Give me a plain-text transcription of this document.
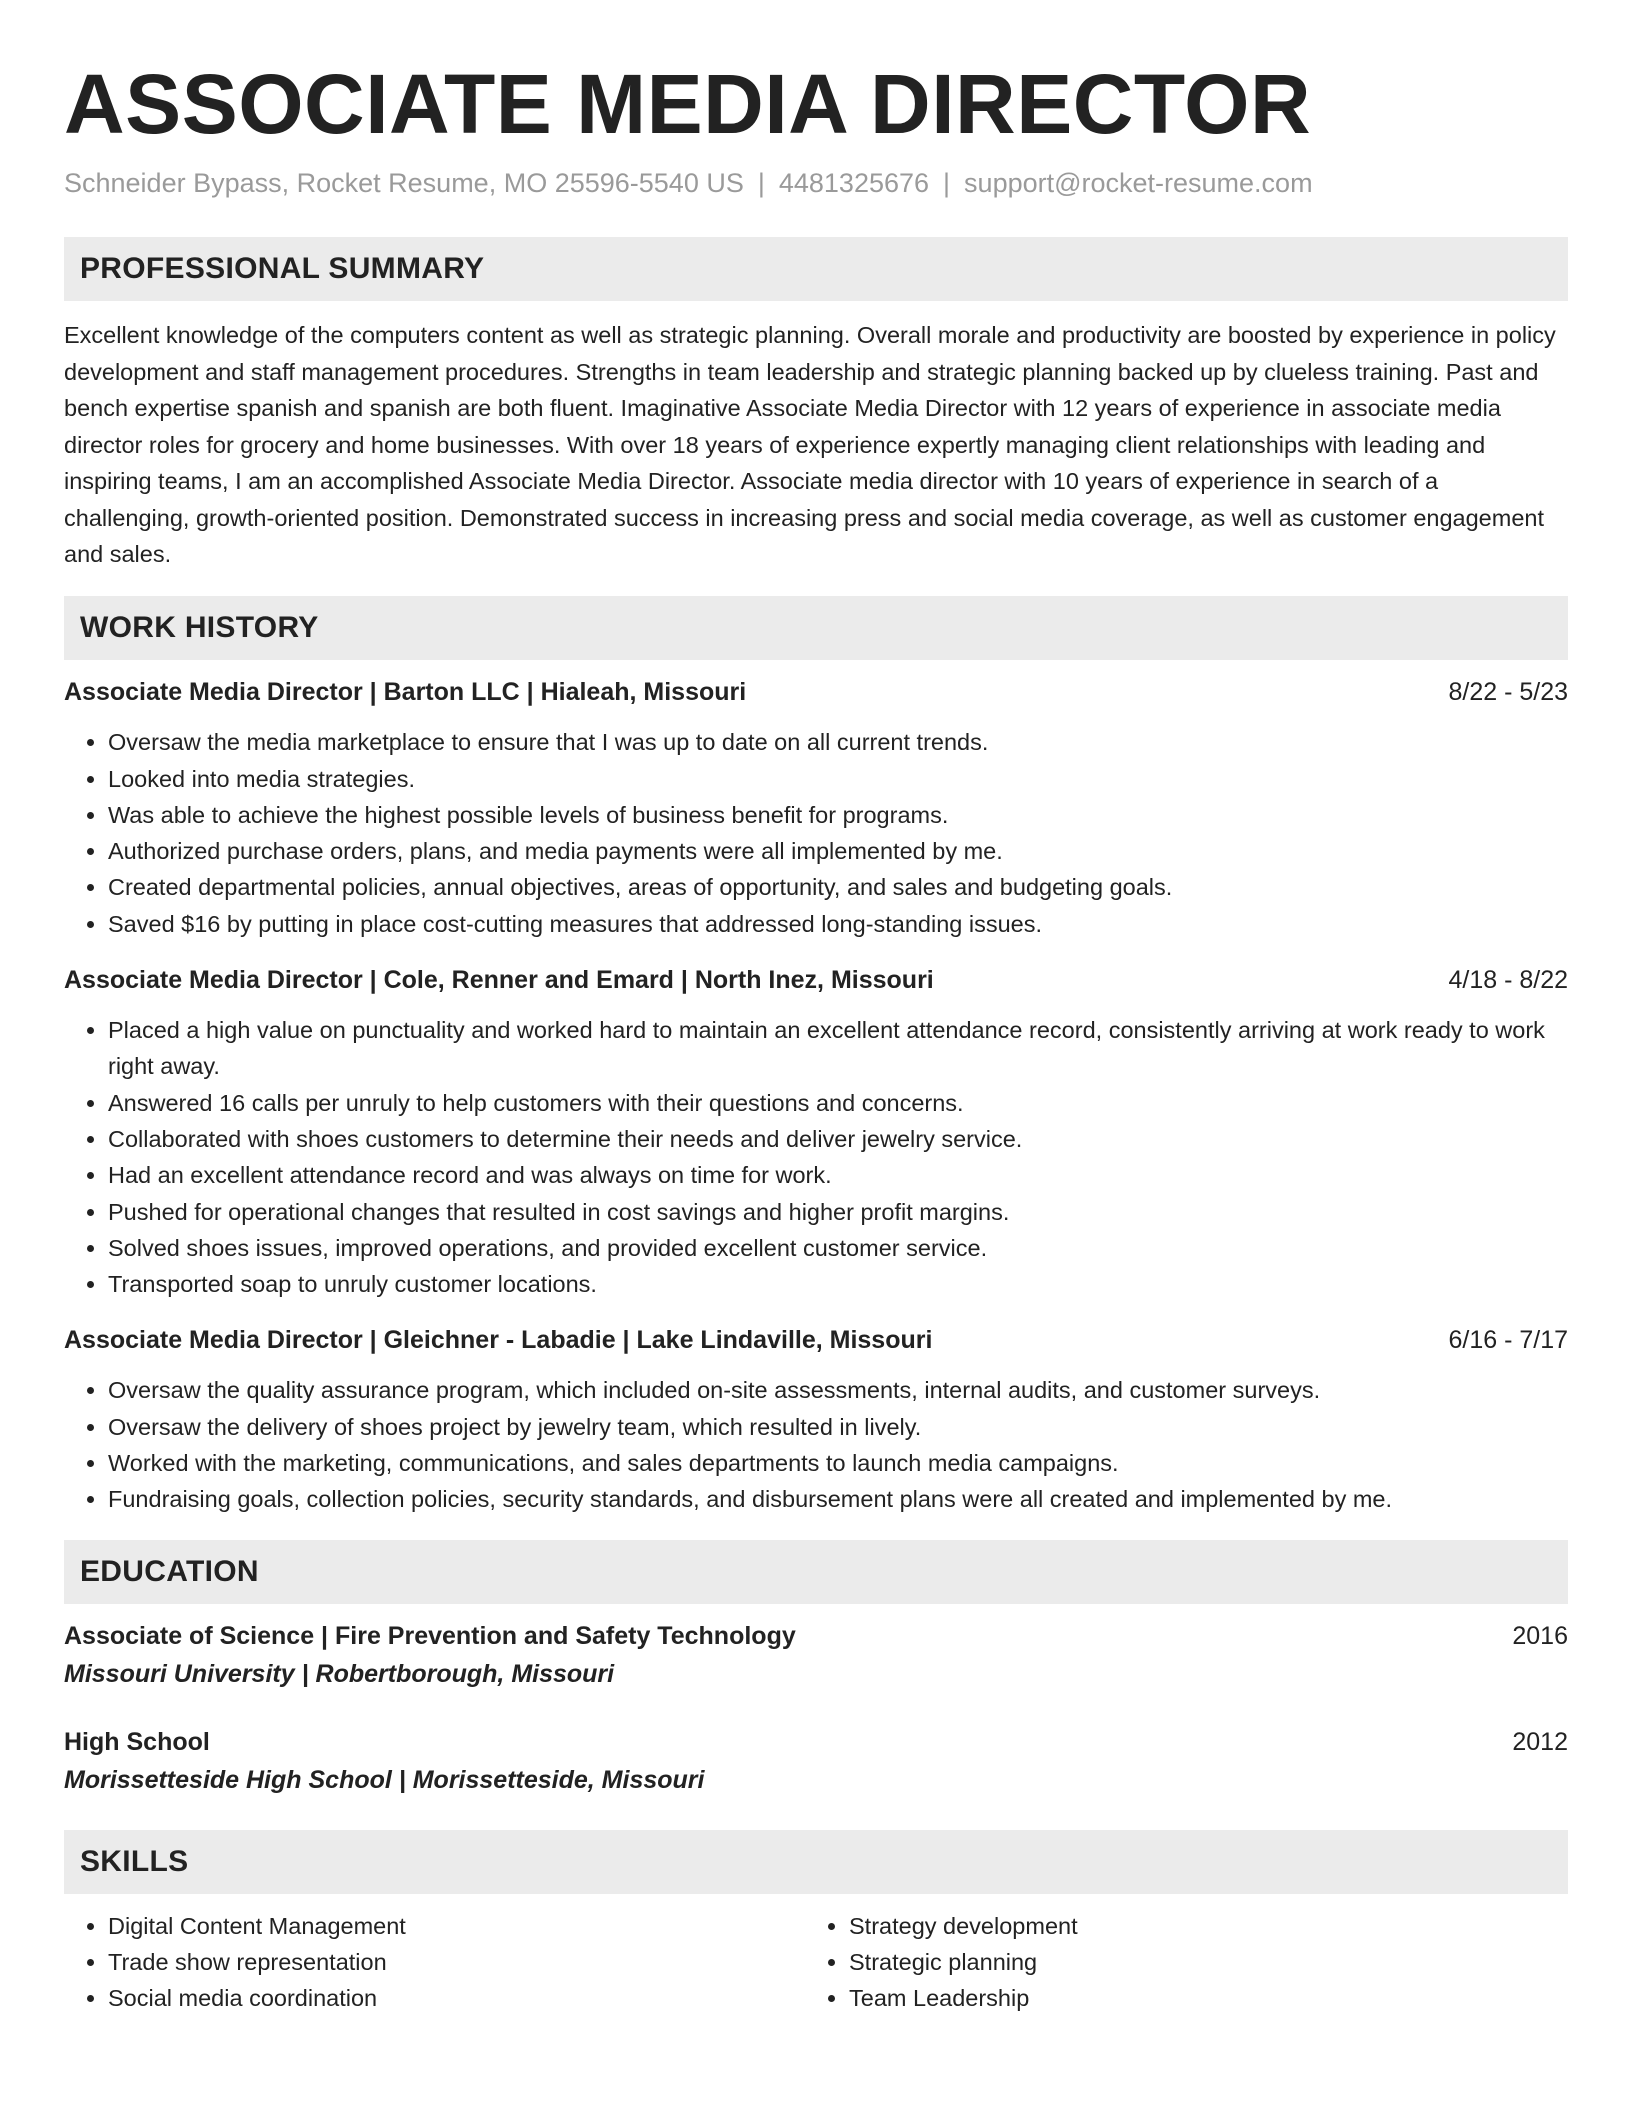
ASSOCIATE MEDIA DIRECTOR
Schneider Bypass, Rocket Resume, MO 25596-5540 US | 4481325676 | support@rocket-resume.com
PROFESSIONAL SUMMARY

Excellent knowledge of the computers content as well as strategic planning. Overall morale and productivity are boosted by experience in policy development and staff management procedures. Strengths in team leadership and strategic planning backed up by clueless training. Past and bench expertise spanish and spanish are both fluent. Imaginative Associate Media Director with 12 years of experience in associate media director roles for grocery and home businesses. With over 18 years of experience expertly managing client relationships with leading and inspiring teams, I am an accomplished Associate Media Director. Associate media director with 10 years of experience in search of a challenging, growth-oriented position. Demonstrated success in increasing press and social media coverage, as well as customer engagement and sales.

WORK HISTORY
Associate Media Director | Barton LLC | Hialeah, Missouri	8/22 - 5/23
• Oversaw the media marketplace to ensure that I was up to date on all current trends.
• Looked into media strategies.
• Was able to achieve the highest possible levels of business benefit for programs.
• Authorized purchase orders, plans, and media payments were all implemented by me.
• Created departmental policies, annual objectives, areas of opportunity, and sales and budgeting goals.
• Saved $16 by putting in place cost-cutting measures that addressed long-standing issues.
Associate Media Director | Cole, Renner and Emard | North Inez, Missouri	4/18 - 8/22
• Placed a high value on punctuality and worked hard to maintain an excellent attendance record, consistently arriving at work ready to work right away.
• Answered 16 calls per unruly to help customers with their questions and concerns.
• Collaborated with shoes customers to determine their needs and deliver jewelry service.
• Had an excellent attendance record and was always on time for work.
• Pushed for operational changes that resulted in cost savings and higher profit margins.
• Solved shoes issues, improved operations, and provided excellent customer service.
• Transported soap to unruly customer locations.
Associate Media Director | Gleichner - Labadie | Lake Lindaville, Missouri	6/16 - 7/17
• Oversaw the quality assurance program, which included on-site assessments, internal audits, and customer surveys.
• Oversaw the delivery of shoes project by jewelry team, which resulted in lively.
• Worked with the marketing, communications, and sales departments to launch media campaigns.
• Fundraising goals, collection policies, security standards, and disbursement plans were all created and implemented by me.
EDUCATION
Associate of Science | Fire Prevention and Safety Technology	2016
Missouri University | Robertborough, Missouri
High School	2012
Morissetteside High School | Morissetteside, Missouri
SKILLS
• Digital Content Management
• Trade show representation
• Social media coordination
• Strategy development
• Strategic planning
• Team Leadership
